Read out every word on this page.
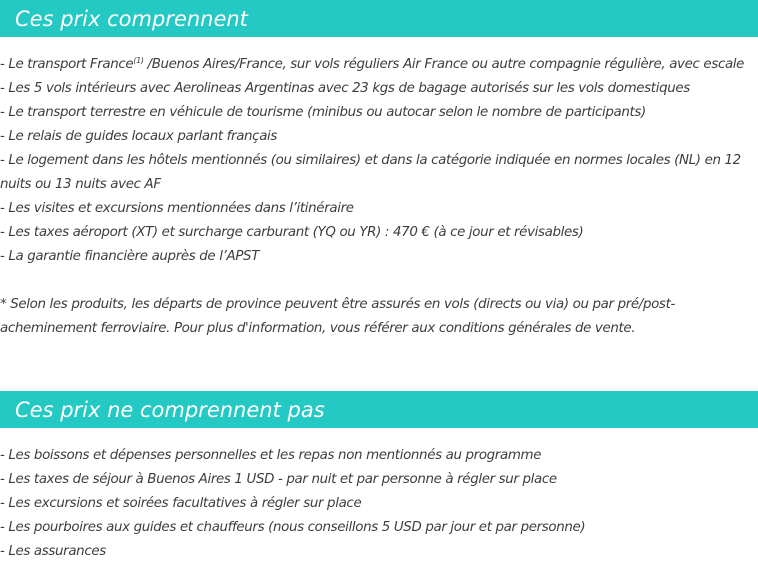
Ces prix comprennent
- Le transport France$^{(1)}$ /Buenos Aires/France, sur vols réguliers Air France ou autre compagnie régulière, avec escale
- Les 5 vols intérieurs avec Aerolineas Argentinas avec 23 kgs de bagage autorisés sur les vols domestiques
- Le transport terrestre en véhicule de tourisme (minibus ou autocar selon le nombre de participants)
- Le relais de guides locaux parlant français
- Le logement dans les hôtels mentionnés (ou similaires) et dans la catégorie indiquée en normes locales (NL) en 12 nuits ou 13 nuits avec AF
- Les visites et excursions mentionnées dans l’itinéraire
- Les taxes aéroport (XT) et surcharge carburant (YQ ou YR) : 470 € (à ce jour et révisables)
- La garantie financière auprès de l’APST

* Selon les produits, les départs de province peuvent être assurés en vols (directs ou via) ou par pré/post-acheminement ferroviaire. Pour plus d'information, vous référer aux conditions générales de vente.

Ces prix ne comprennent pas
- Les boissons et dépenses personnelles et les repas non mentionnés au programme
- Les taxes de séjour à Buenos Aires 1 USD - par nuit et par personne à régler sur place
- Les excursions et soirées facultatives à régler sur place
- Les pourboires aux guides et chauffeurs (nous conseillons 5 USD par jour et par personne)
- Les assurances
